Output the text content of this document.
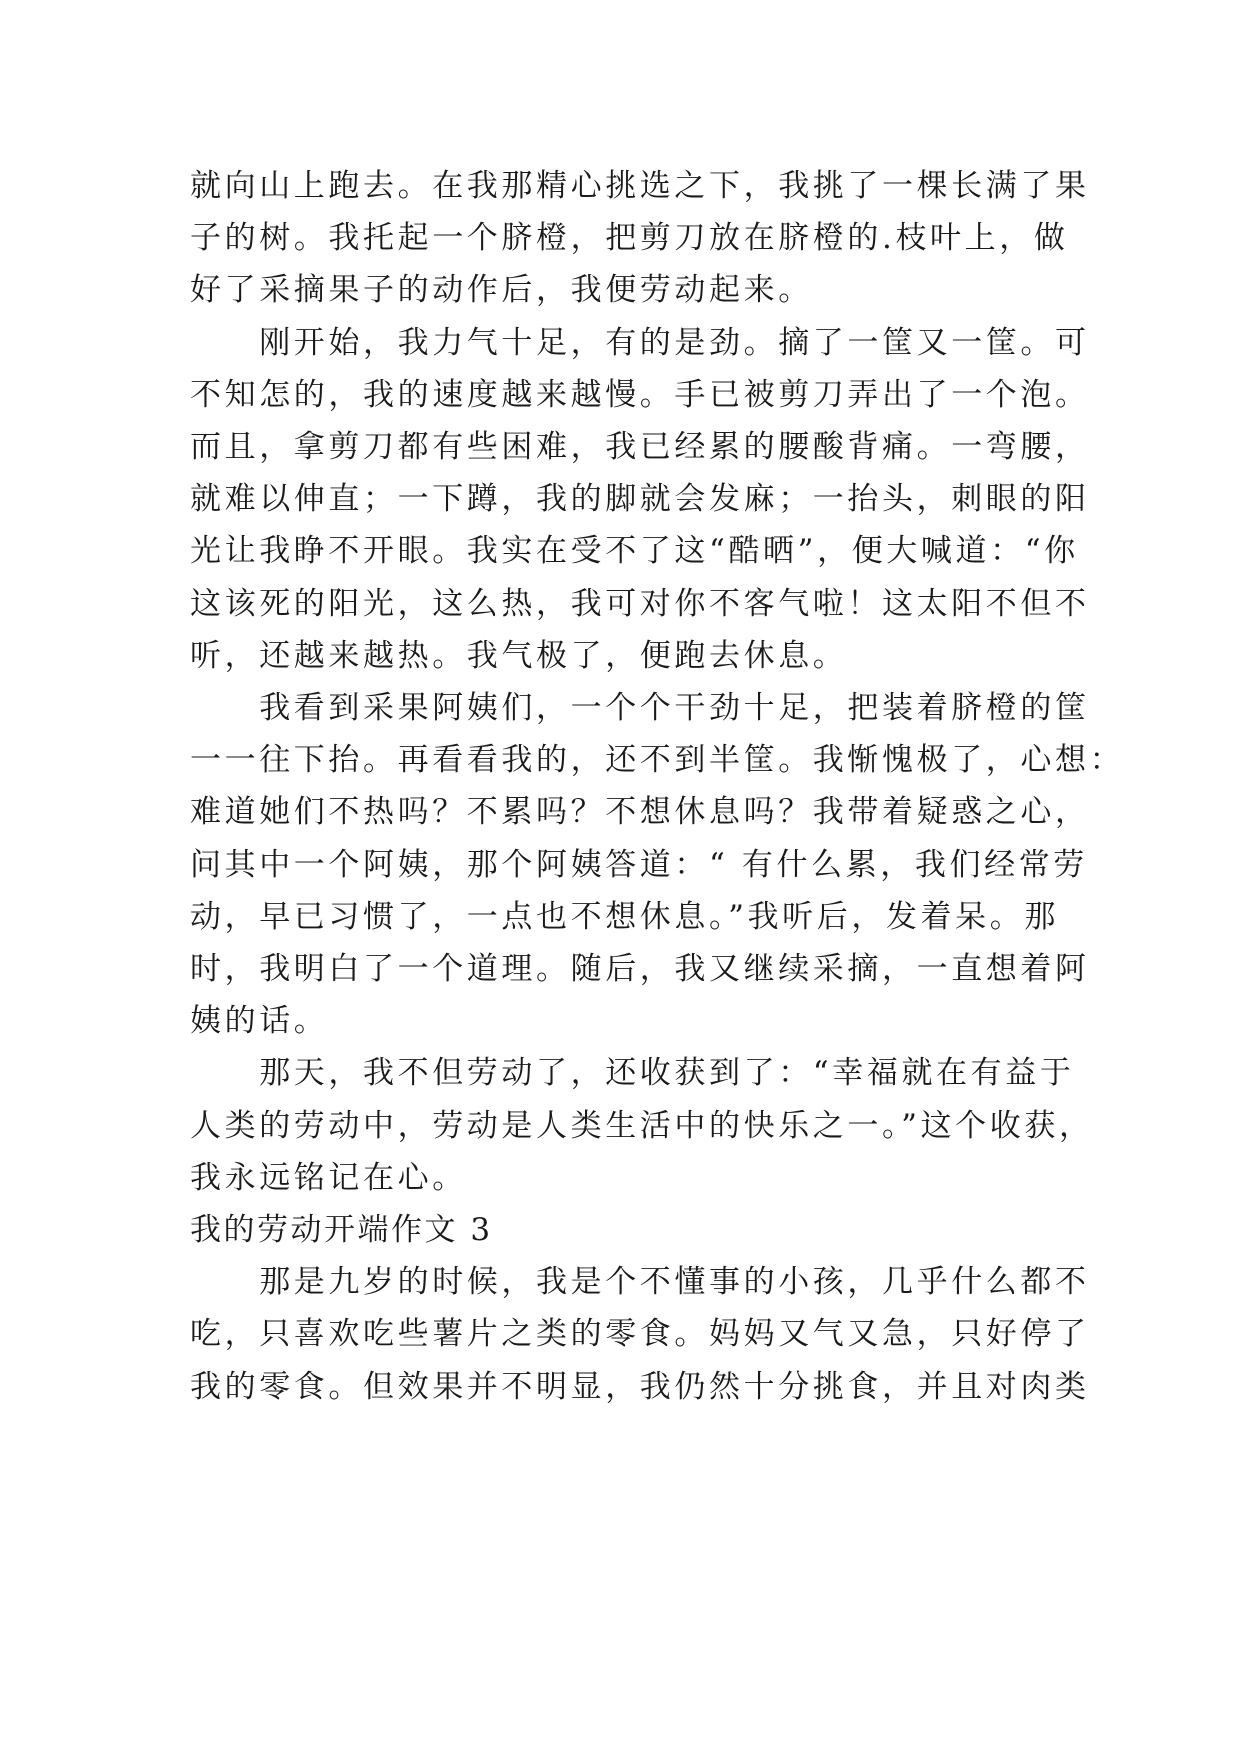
就向山上跑去。在我那精心挑选之下，我挑了一棵长满了果
子的树。我托起一个脐橙，把剪刀放在脐橙的.枝叶上，做
好了采摘果子的动作后，我便劳动起来。
　　刚开始，我力气十足，有的是劲。摘了一筐又一筐。可
不知怎的，我的速度越来越慢。手已被剪刀弄出了一个泡。
而且，拿剪刀都有些困难，我已经累的腰酸背痛。一弯腰，
就难以伸直；一下蹲，我的脚就会发麻；一抬头，刺眼的阳
光让我睁不开眼。我实在受不了这“酷晒”，便大喊道：“你
这该死的阳光，这么热，我可对你不客气啦！这太阳不但不
听，还越来越热。我气极了，便跑去休息。
　　我看到采果阿姨们，一个个干劲十足，把装着脐橙的筐
一一往下抬。再看看我的，还不到半筐。我惭愧极了，心想：
难道她们不热吗？不累吗？不想休息吗？我带着疑惑之心，
问其中一个阿姨，那个阿姨答道：“ 有什么累，我们经常劳
动，早已习惯了，一点也不想休息。”我听后，发着呆。那
时，我明白了一个道理。随后，我又继续采摘，一直想着阿
姨的话。
　　那天，我不但劳动了，还收获到了：“幸福就在有益于
人类的劳动中，劳动是人类生活中的快乐之一。”这个收获，
我永远铭记在心。
我的劳动开端作文 3
　　那是九岁的时候，我是个不懂事的小孩，几乎什么都不
吃，只喜欢吃些薯片之类的零食。妈妈又气又急，只好停了
我的零食。但效果并不明显，我仍然十分挑食，并且对肉类
